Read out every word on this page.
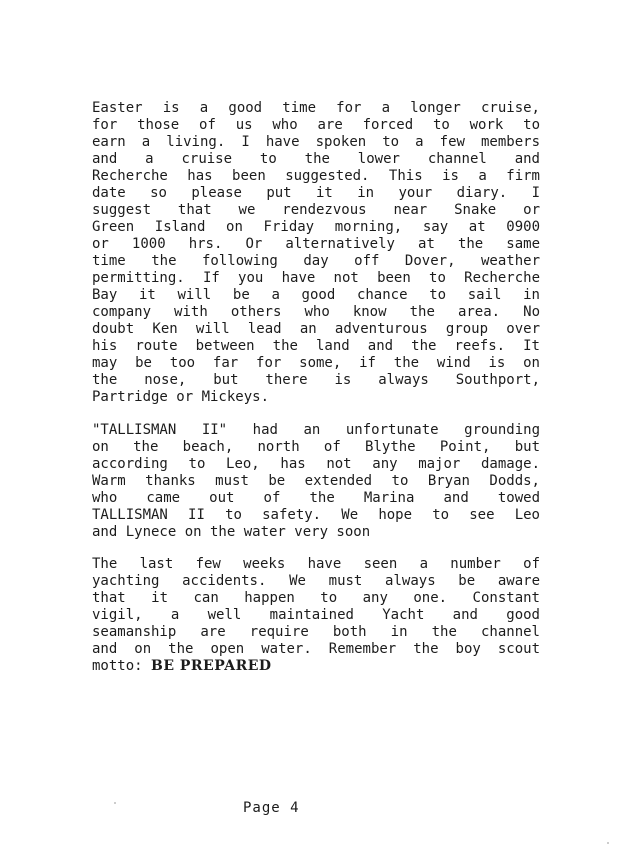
Easter is a good time for a longer cruise,
for those of us who are forced to work to
earn a living. I have spoken to a few members
and a cruise to the lower channel and
Recherche has been suggested. This is a firm
date so please put it in your diary. I
suggest that we rendezvous near Snake or
Green Island on Friday morning, say at 0900
or 1000 hrs. Or alternatively at the same
time the following day off Dover, weather
permitting. If you have not been to Recherche
Bay it will be a good chance to sail in
company with others who know the area. No
doubt Ken will lead an adventurous group over
his route between the land and the reefs. It
may be too far for some, if the wind is on
the nose, but there is always Southport,
Partridge or Mickeys.
"TALLISMAN II" had an unfortunate grounding
on the beach, north of Blythe Point, but
according to Leo, has not any major damage.
Warm thanks must be extended to Bryan Dodds,
who came out of the Marina and towed
TALLISMAN II to safety. We hope to see Leo
and Lynece on the water very soon
The last few weeks have seen a number of
yachting accidents. We must always be aware
that it can happen to any one. Constant
vigil, a well maintained Yacht and good
seamanship are require both in the channel
and on the open water. Remember the boy scout
motto: BE PREPARED
Page 4
